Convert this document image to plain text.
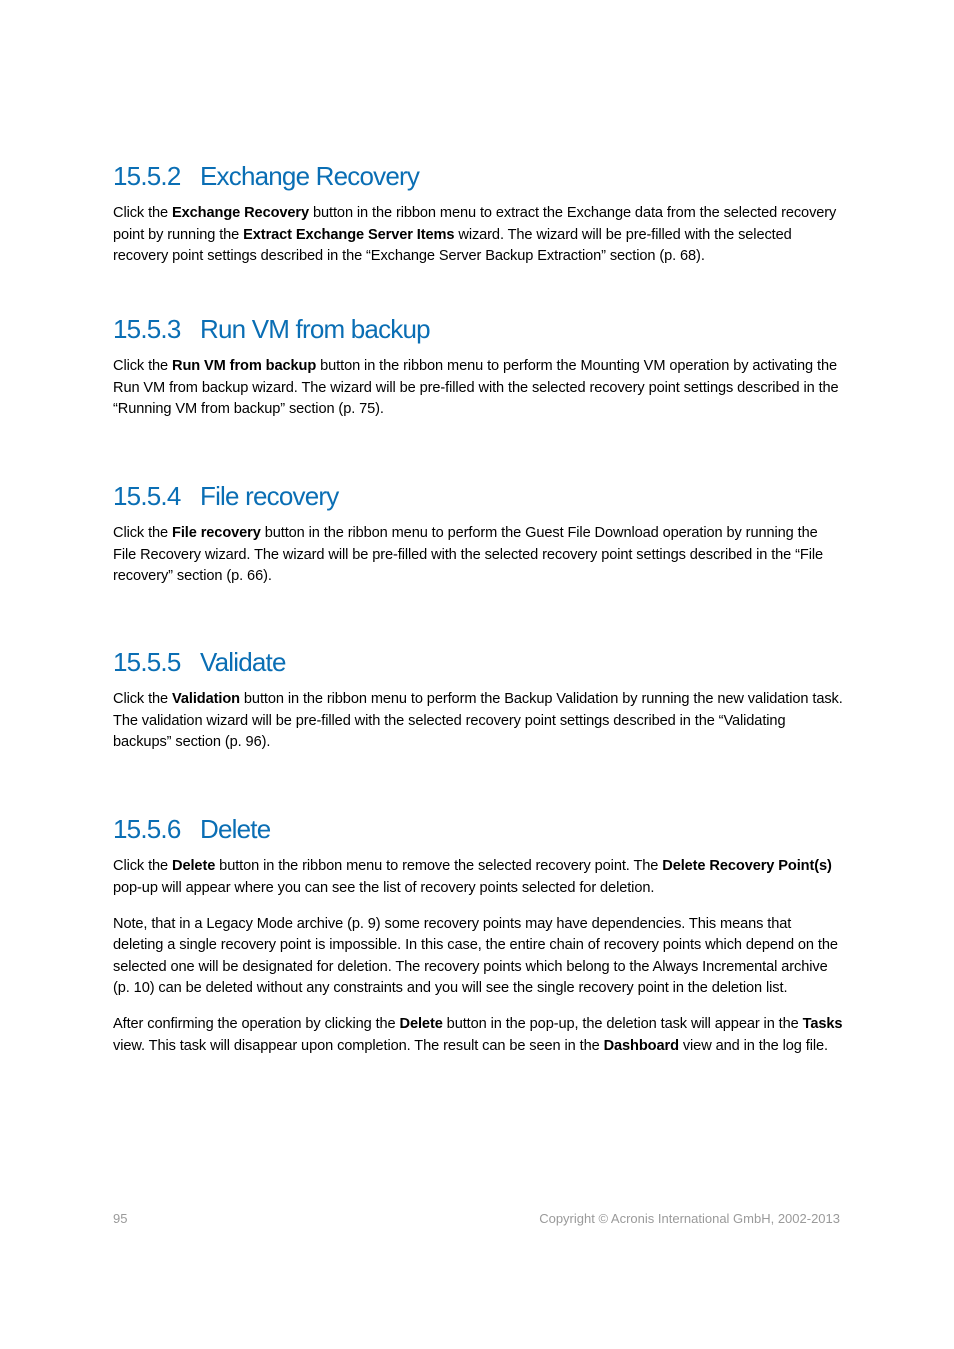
15.5.2 Exchange Recovery

Click the Exchange Recovery button in the ribbon menu to extract the Exchange data from the selected recovery point by running the Extract Exchange Server Items wizard. The wizard will be pre-filled with the selected recovery point settings described in the “Exchange Server Backup Extraction” section (p. 68).

15.5.3 Run VM from backup

Click the Run VM from backup button in the ribbon menu to perform the Mounting VM operation by activating the Run VM from backup wizard. The wizard will be pre-filled with the selected recovery point settings described in the “Running VM from backup” section (p. 75).

15.5.4 File recovery

Click the File recovery button in the ribbon menu to perform the Guest File Download operation by running the File Recovery wizard. The wizard will be pre-filled with the selected recovery point settings described in the “File recovery” section (p. 66).

15.5.5 Validate

Click the Validation button in the ribbon menu to perform the Backup Validation by running the new validation task. The validation wizard will be pre-filled with the selected recovery point settings described in the “Validating backups” section (p. 96).

15.5.6 Delete

Click the Delete button in the ribbon menu to remove the selected recovery point. The Delete Recovery Point(s) pop-up will appear where you can see the list of recovery points selected for deletion.

Note, that in a Legacy Mode archive (p. 9) some recovery points may have dependencies. This means that deleting a single recovery point is impossible. In this case, the entire chain of recovery points which depend on the selected one will be designated for deletion. The recovery points which belong to the Always Incremental archive (p. 10) can be deleted without any constraints and you will see the single recovery point in the deletion list.

After confirming the operation by clicking the Delete button in the pop-up, the deletion task will appear in the Tasks view. This task will disappear upon completion. The result can be seen in the Dashboard view and in the log file.

95	Copyright © Acronis International GmbH, 2002-2013
